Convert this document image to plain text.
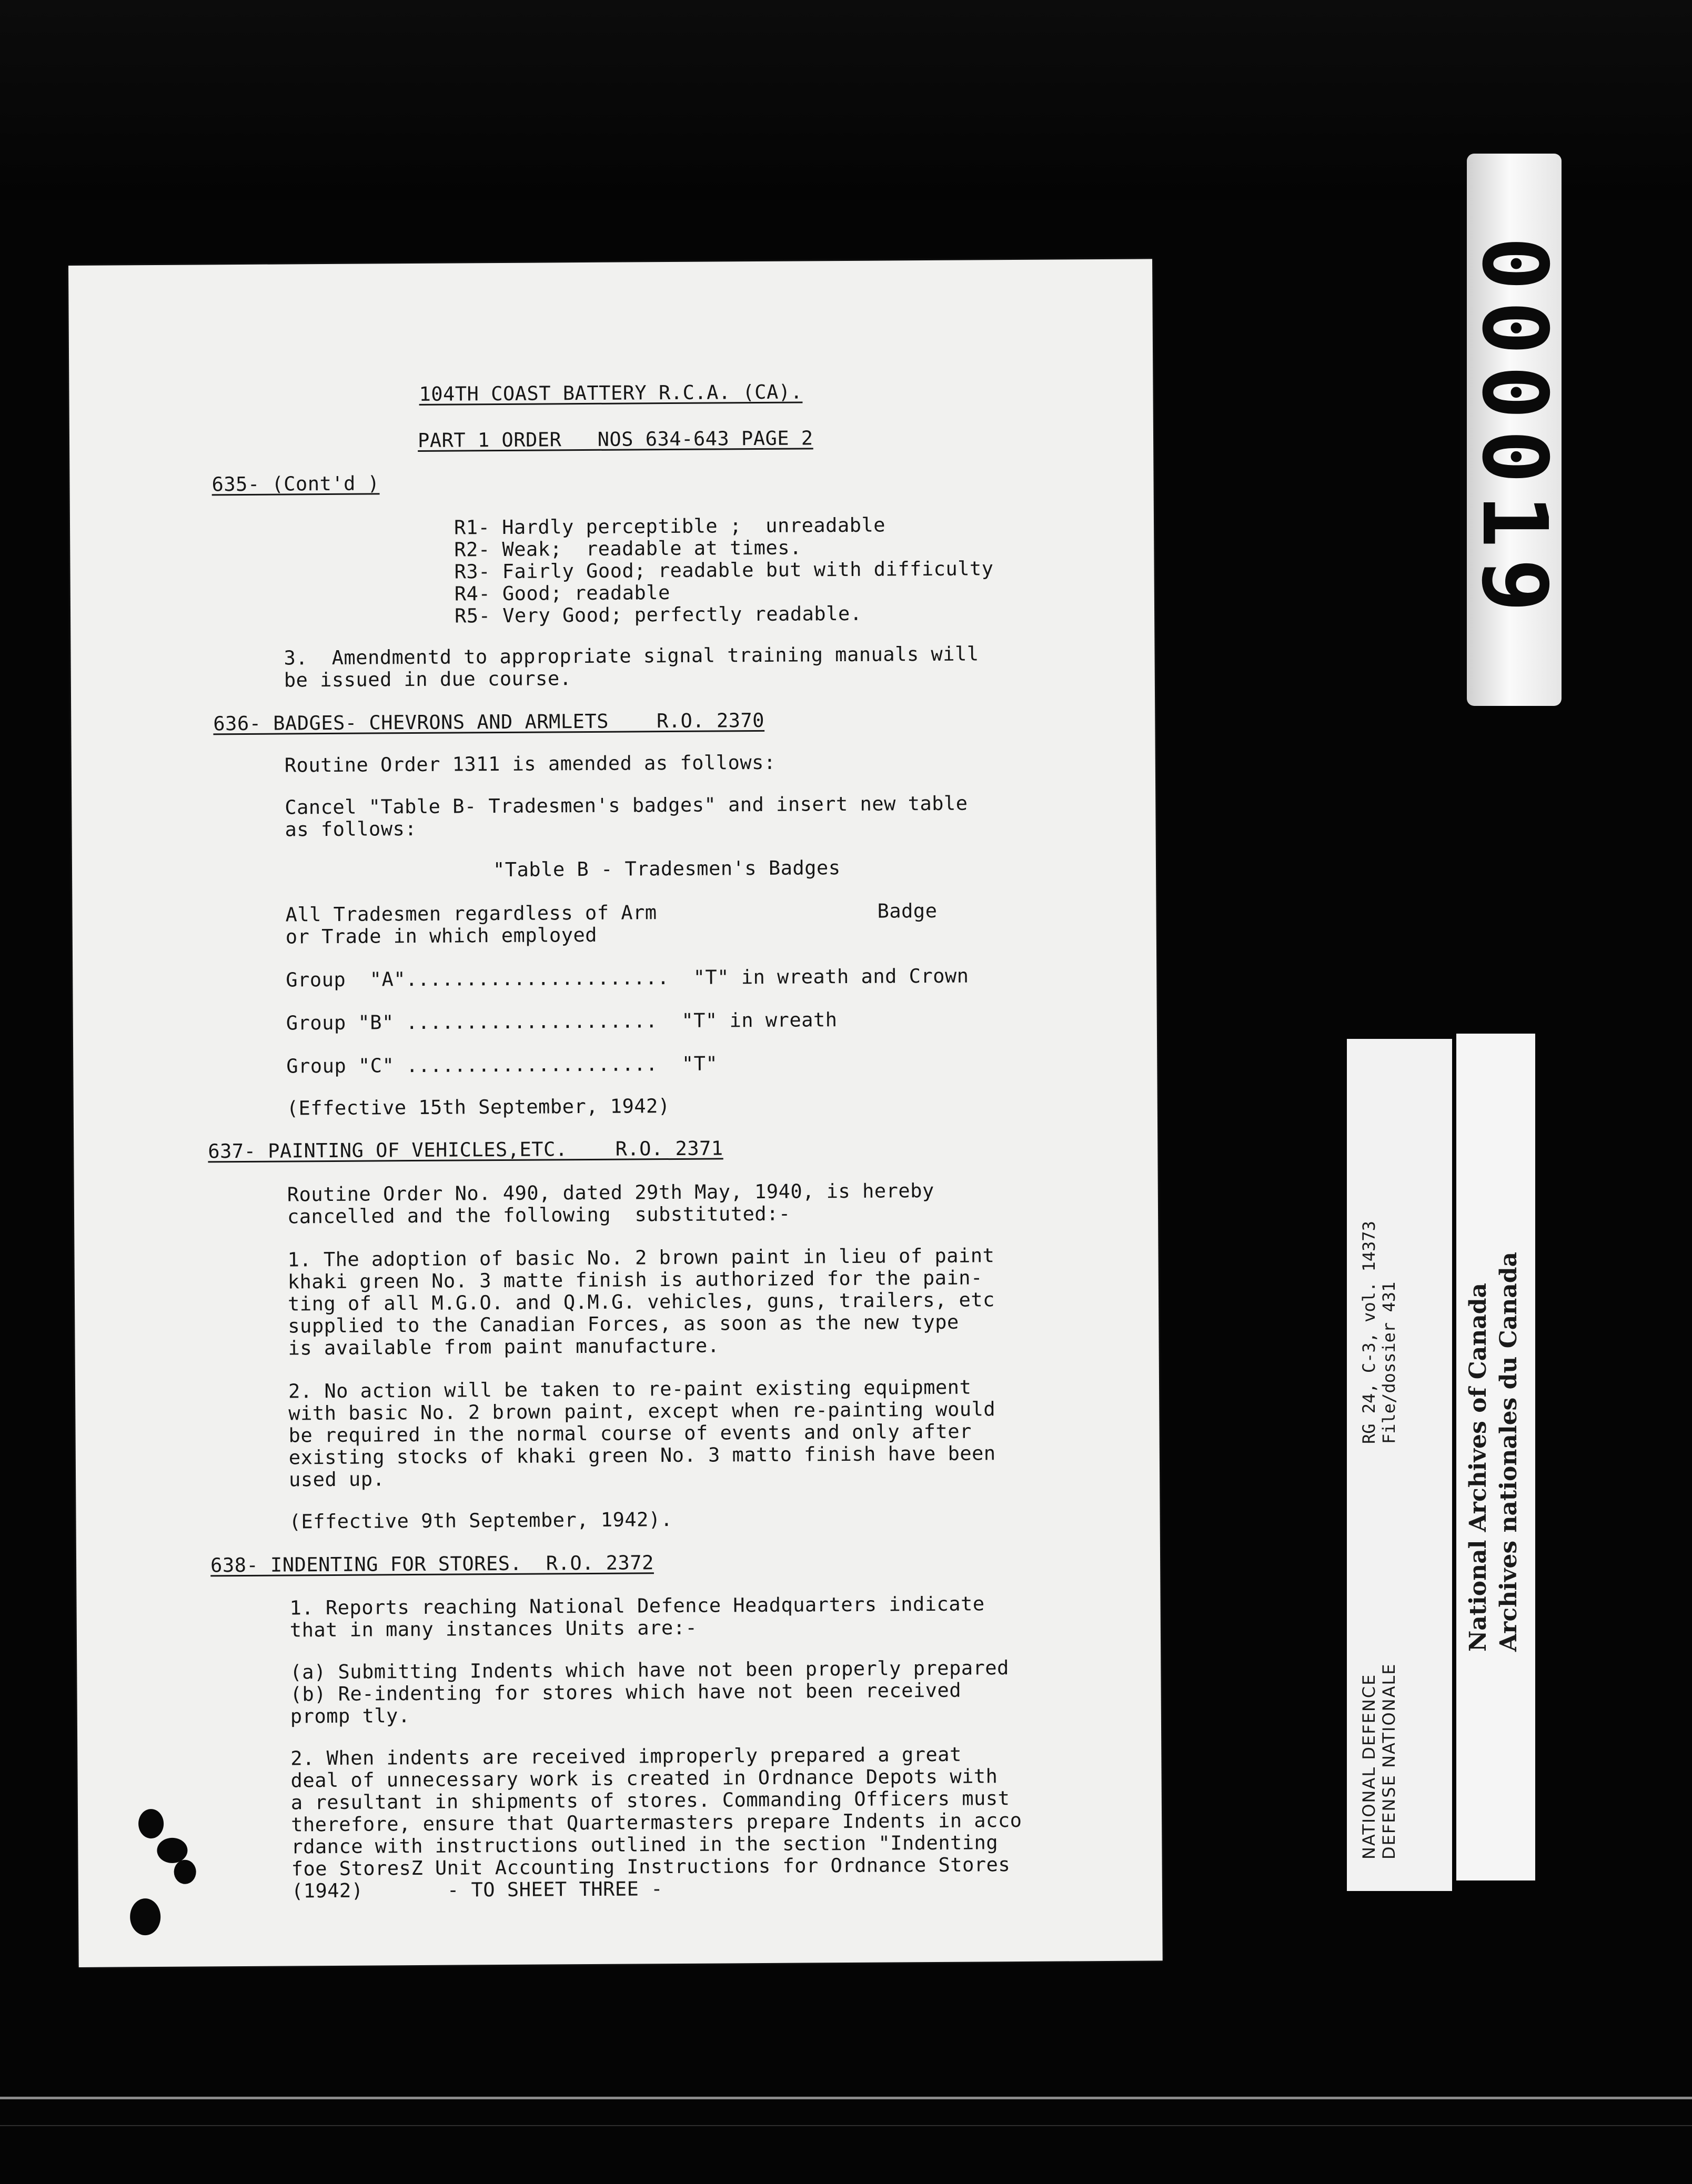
104TH COAST BATTERY R.C.A. (CA).
PART 1 ORDER   NOS 634-643 PAGE 2
635- (Cont'd )
R1- Hardly perceptible ;  unreadable
R2- Weak;  readable at times.
R3- Fairly Good; readable but with difficulty
R4- Good; readable
R5- Very Good; perfectly readable.
3.  Amendmentd to appropriate signal training manuals will
be issued in due course.
636- BADGES- CHEVRONS AND ARMLETS    R.O. 2370
Routine Order 1311 is amended as follows:
Cancel "Table B- Tradesmen's badges" and insert new table
as follows:
"Table B - Tradesmen's Badges
All Tradesmen regardless of Arm
or Trade in which employed
Badge
Group  "A"......................  "T" in wreath and Crown
Group "B" .....................  "T" in wreath
Group "C" .....................  "T"
(Effective 15th September, 1942)
637- PAINTING OF VEHICLES,ETC.    R.O. 2371
Routine Order No. 490, dated 29th May, 1940, is hereby
cancelled and the following  substituted:-
1. The adoption of basic No. 2 brown paint in lieu of paint
khaki green No. 3 matte finish is authorized for the pain-
ting of all M.G.O. and Q.M.G. vehicles, guns, trailers, etc
supplied to the Canadian Forces, as soon as the new type
is available from paint manufacture.
2. No action will be taken to re-paint existing equipment
with basic No. 2 brown paint, except when re-painting would
be required in the normal course of events and only after
existing stocks of khaki green No. 3 matto finish have been
used up.
(Effective 9th September, 1942).
638- INDENTING FOR STORES.  R.O. 2372
1. Reports reaching National Defence Headquarters indicate
that in many instances Units are:-
(a) Submitting Indents which have not been properly prepared
(b) Re-indenting for stores which have not been received
promp tly.
2. When indents are received improperly prepared a great
deal of unnecessary work is created in Ordnance Depots with
a resultant in shipments of stores. Commanding Officers must
therefore, ensure that Quartermasters prepare Indents in acco
rdance with instructions outlined in the section "Indenting
foe StoresZ Unit Accounting Instructions for Ordnance Stores
(1942)       - TO SHEET THREE -
000019
RG 24, C-3, vol. 14373 File/dossier 431
NATIONAL DEFENCE DEFENSE NATIONALE
National Archives of Canada Archives nationales du Canada
